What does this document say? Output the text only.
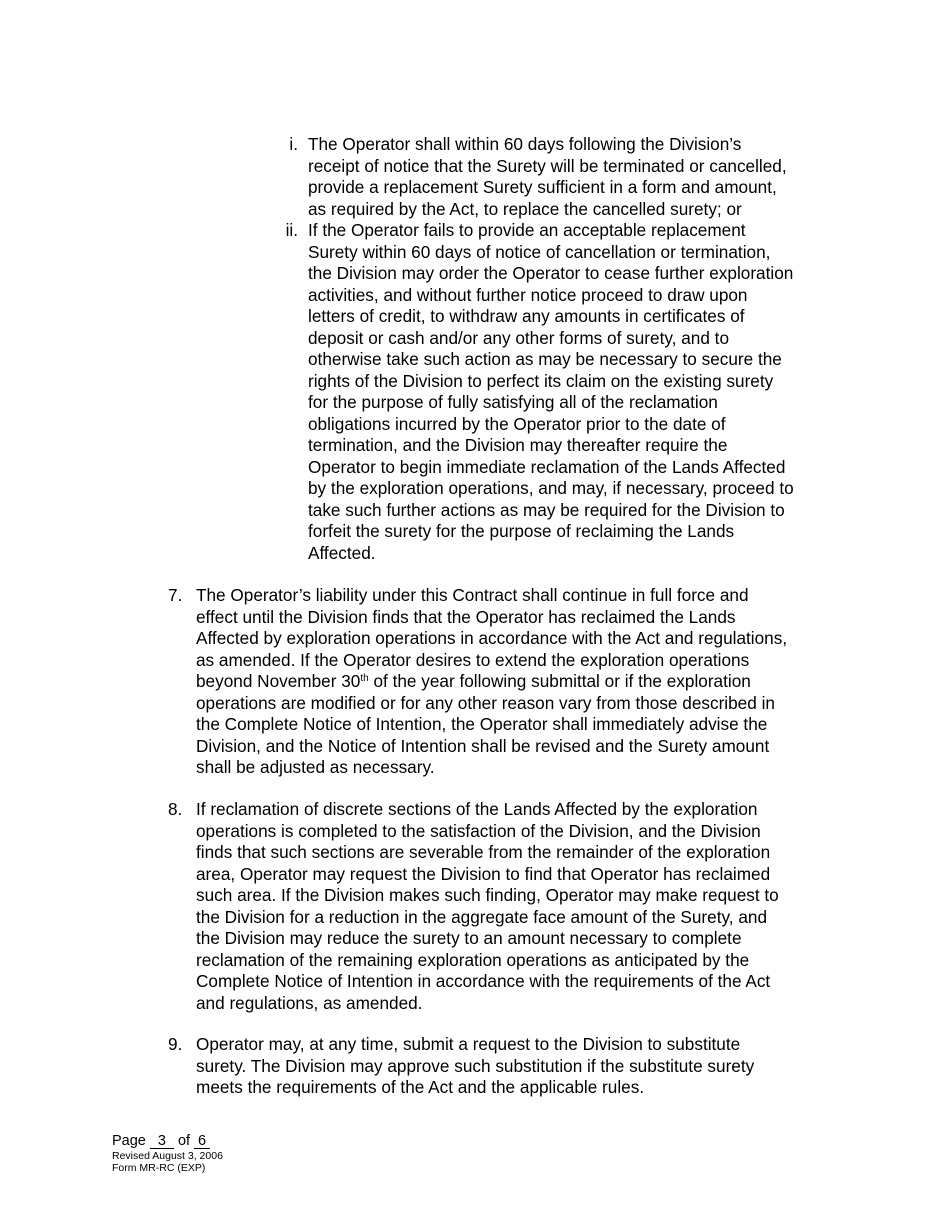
i. The Operator shall within 60 days following the Division’s
receipt of notice that the Surety will be terminated or cancelled,
provide a replacement Surety sufficient in a form and amount,
as required by the Act, to replace the cancelled surety; or
ii. If the Operator fails to provide an acceptable replacement
Surety within 60 days of notice of cancellation or termination,
the Division may order the Operator to cease further exploration
activities, and without further notice proceed to draw upon
letters of credit, to withdraw any amounts in certificates of
deposit or cash and/or any other forms of surety, and to
otherwise take such action as may be necessary to secure the
rights of the Division to perfect its claim on the existing surety
for the purpose of fully satisfying all of the reclamation
obligations incurred by the Operator prior to the date of
termination, and the Division may thereafter require the
Operator to begin immediate reclamation of the Lands Affected
by the exploration operations, and may, if necessary, proceed to
take such further actions as may be required for the Division to
forfeit the surety for the purpose of reclaiming the Lands
Affected.
7. The Operator’s liability under this Contract shall continue in full force and
effect until the Division finds that the Operator has reclaimed the Lands
Affected by exploration operations in accordance with the Act and regulations,
as amended. If the Operator desires to extend the exploration operations
beyond November 30th of the year following submittal or if the exploration
operations are modified or for any other reason vary from those described in
the Complete Notice of Intention, the Operator shall immediately advise the
Division, and the Notice of Intention shall be revised and the Surety amount
shall be adjusted as necessary.
8. If reclamation of discrete sections of the Lands Affected by the exploration
operations is completed to the satisfaction of the Division, and the Division
finds that such sections are severable from the remainder of the exploration
area, Operator may request the Division to find that Operator has reclaimed
such area. If the Division makes such finding, Operator may make request to
the Division for a reduction in the aggregate face amount of the Surety, and
the Division may reduce the surety to an amount necessary to complete
reclamation of the remaining exploration operations as anticipated by the
Complete Notice of Intention in accordance with the requirements of the Act
and regulations, as amended.
9. Operator may, at any time, submit a request to the Division to substitute
surety. The Division may approve such substitution if the substitute surety
meets the requirements of the Act and the applicable rules.
Page 3 of 6
Revised August 3, 2006
Form MR-RC (EXP)
